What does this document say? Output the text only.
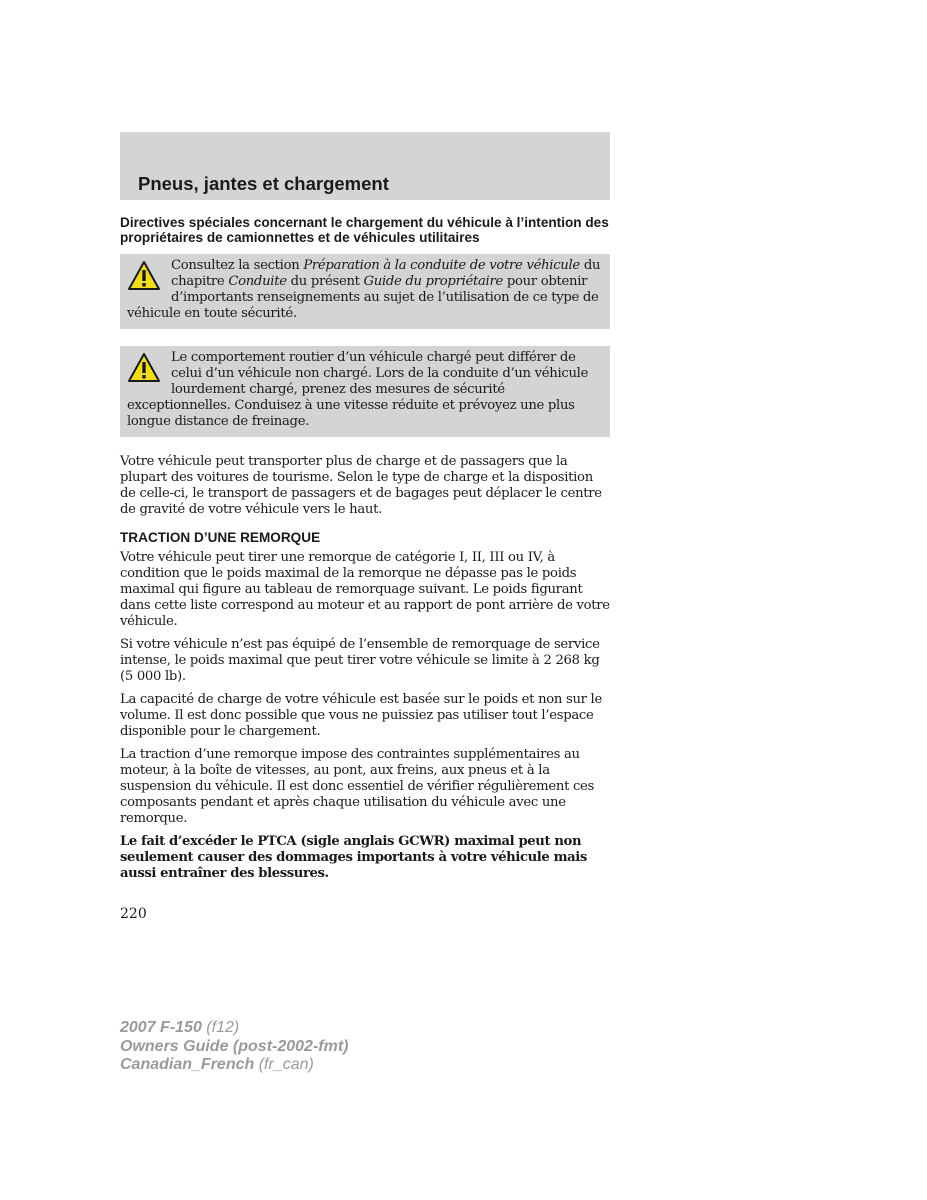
Pneus, jantes et chargement
Directives spéciales concernant le chargement du véhicule à l’intention des propriétaires de camionnettes et de véhicules utilitaires
Consultez la section Préparation à la conduite de votre véhicule du chapitre Conduite du présent Guide du propriétaire pour obtenir d’importants renseignements au sujet de l’utilisation de ce type de véhicule en toute sécurité.
Le comportement routier d’un véhicule chargé peut différer de celui d’un véhicule non chargé. Lors de la conduite d’un véhicule lourdement chargé, prenez des mesures de sécurité exceptionnelles. Conduisez à une vitesse réduite et prévoyez une plus longue distance de freinage.

Votre véhicule peut transporter plus de charge et de passagers que la plupart des voitures de tourisme. Selon le type de charge et la disposition de celle-ci, le transport de passagers et de bagages peut déplacer le centre de gravité de votre véhicule vers le haut.

TRACTION D’UNE REMORQUE

Votre véhicule peut tirer une remorque de catégorie I, II, III ou IV, à condition que le poids maximal de la remorque ne dépasse pas le poids maximal qui figure au tableau de remorquage suivant. Le poids figurant dans cette liste correspond au moteur et au rapport de pont arrière de votre véhicule.

Si votre véhicule n’est pas équipé de l’ensemble de remorquage de service intense, le poids maximal que peut tirer votre véhicule se limite à 2 268 kg (5 000 lb).

La capacité de charge de votre véhicule est basée sur le poids et non sur le volume. Il est donc possible que vous ne puissiez pas utiliser tout l’espace disponible pour le chargement.

La traction d’une remorque impose des contraintes supplémentaires au moteur, à la boîte de vitesses, au pont, aux freins, aux pneus et à la suspension du véhicule. Il est donc essentiel de vérifier régulièrement ces composants pendant et après chaque utilisation du véhicule avec une remorque.

Le fait d’excéder le PTCA (sigle anglais GCWR) maximal peut non seulement causer des dommages importants à votre véhicule mais aussi entraîner des blessures.

220
2007 F-150 (f12)
Owners Guide (post-2002-fmt)
Canadian_French (fr_can)
